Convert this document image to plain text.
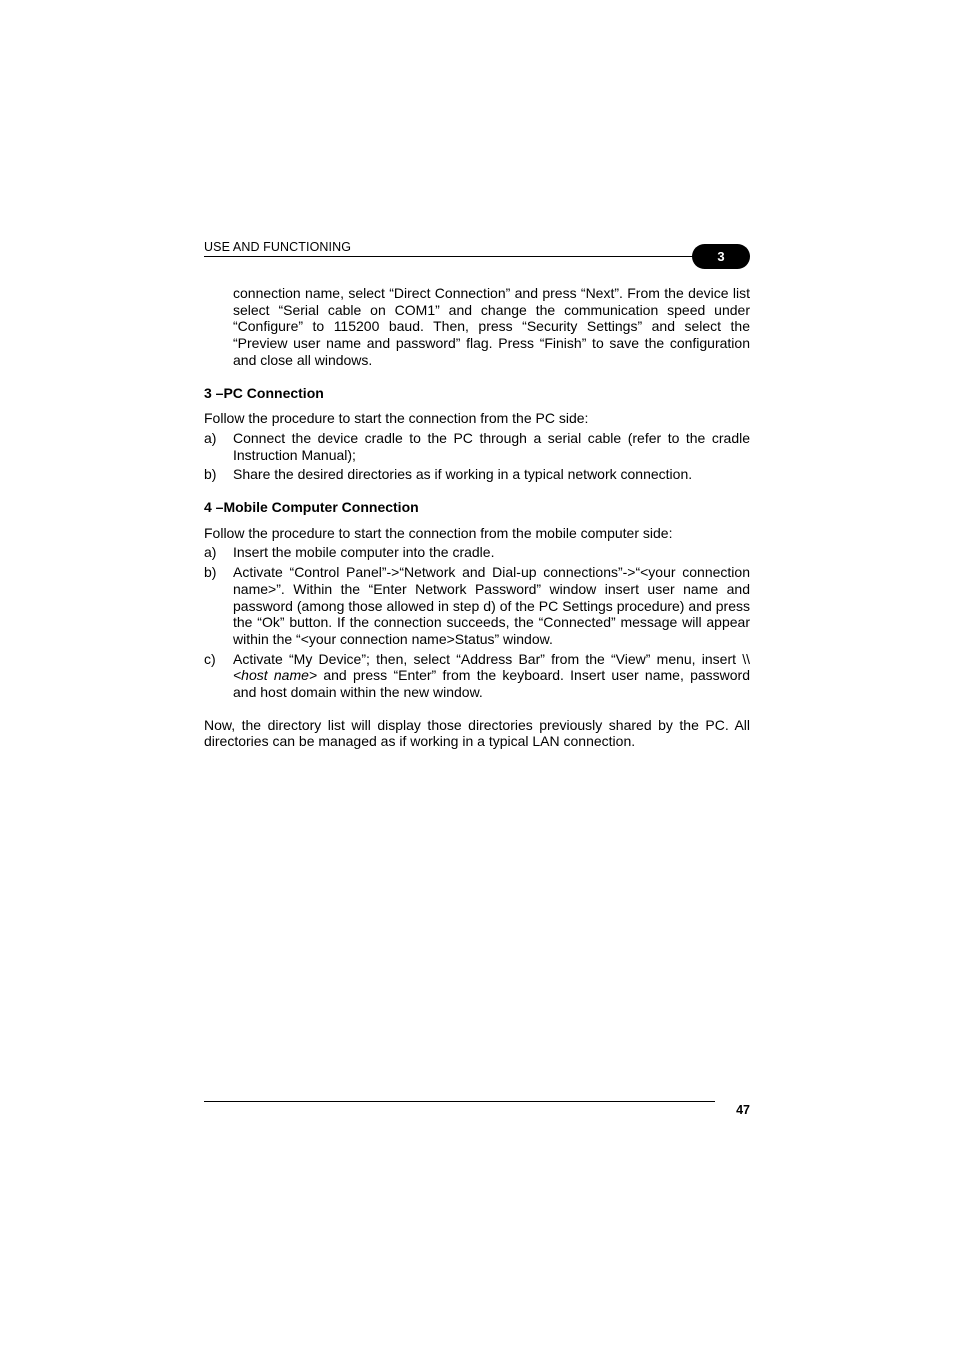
USE AND FUNCTIONING
3

connection name, select “Direct Connection” and press “Next”. From the device list select “Serial cable on COM1” and change the communication speed under “Configure” to 115200 baud. Then, press “Security Settings” and select the “Preview user name and password” flag. Press “Finish” to save the configuration and close all windows.

3 –PC Connection

Follow the procedure to start the connection from the PC side:

a)	Connect the device cradle to the PC through a serial cable (refer to the cradle Instruction Manual);
b)	Share the desired directories as if working in a typical network connection.

4 –Mobile Computer Connection

Follow the procedure to start the connection from the mobile computer side:

a)	Insert the mobile computer into the cradle.
b)	Activate “Control Panel”->“Network and Dial-up connections”->“<your connection name>”. Within the “Enter Network Password” window insert user name and password (among those allowed in step d) of the PC Settings procedure) and press the “Ok” button. If the connection succeeds, the “Connected” message will appear within the “<your connection name>Status” window.
c)	Activate “My Device”; then, select “Address Bar” from the “View” menu, insert \\<host name> and press “Enter” from the keyboard. Insert user name, password and host domain within the new window.

Now, the directory list will display those directories previously shared by the PC. All directories can be managed as if working in a typical LAN connection.

47
